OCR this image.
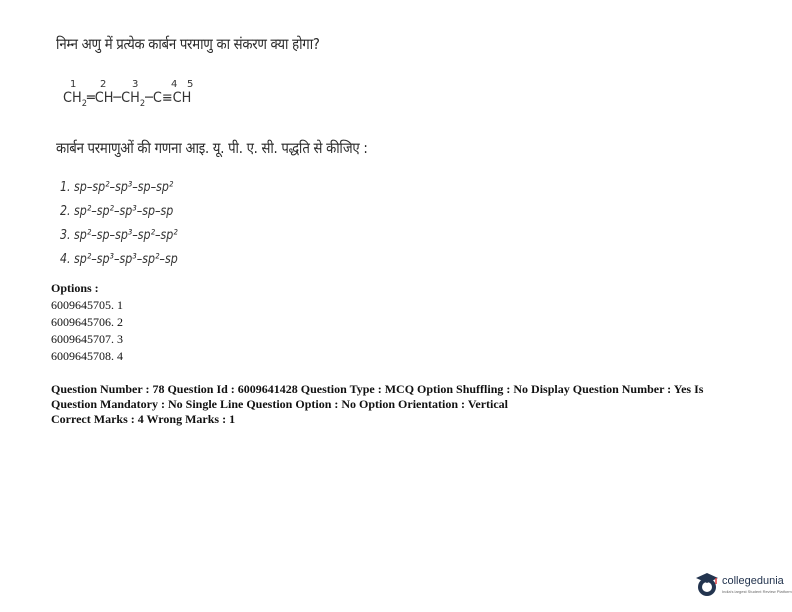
निम्न अणु में प्रत्येक कार्बन परमाणु का संकरण क्या होगा?
1 2	3	4 5
$CH_2═CH─CH_2─C\equiv CH$
कार्बन परमाणुओं की गणना आइ. यू. पी. ए. सी. पद्धति से कीजिए :
1. sp–sp²–sp³–sp–sp²
2. sp²–sp²–sp³–sp–sp
3. sp²–sp–sp³–sp²–sp²
4. sp²–sp³–sp³–sp²–sp
Options :
6009645705. 1
6009645706. 2
6009645707. 3
6009645708. 4
Question Number : 78 Question Id : 6009641428 Question Type : MCQ Option Shuffling : No Display Question Number : Yes Is Question Mandatory : No Single Line Question Option : No Option Orientation : Vertical
Correct Marks : 4 Wrong Marks : 1
collegedunia
India's largest Student Review Platform
